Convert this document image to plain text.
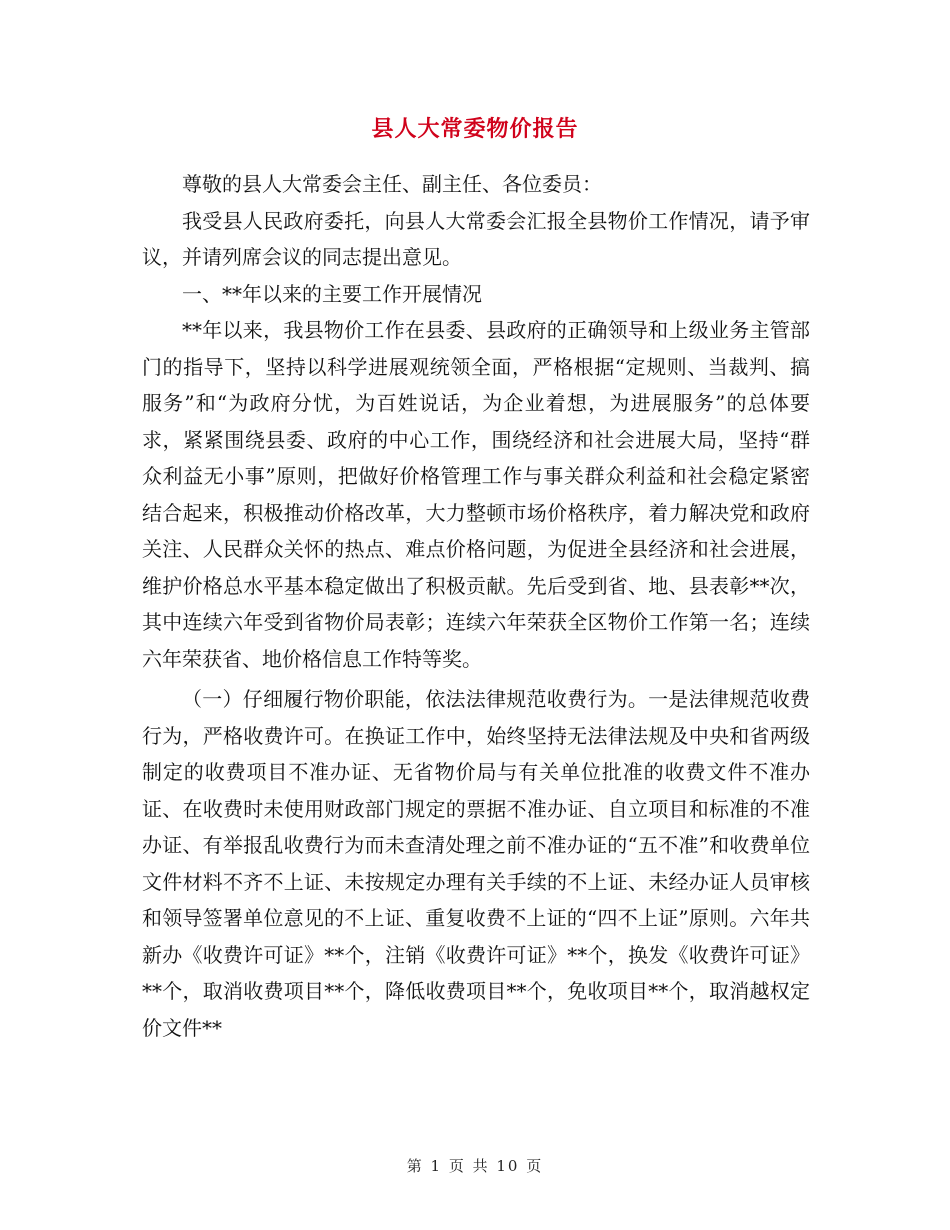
县人大常委物价报告

尊敬的县人大常委会主任、副主任、各位委员：

我受县人民政府委托，向县人大常委会汇报全县物价工作情况，请予审议，并请列席会议的同志提出意见。

一、**年以来的主要工作开展情况

**年以来，我县物价工作在县委、县政府的正确领导和上级业务主管部门的指导下，坚持以科学进展观统领全面，严格根据“定规则、当裁判、搞服务”和“为政府分忧，为百姓说话，为企业着想，为进展服务”的总体要求，紧紧围绕县委、政府的中心工作，围绕经济和社会进展大局，坚持“群众利益无小事”原则，把做好价格管理工作与事关群众利益和社会稳定紧密结合起来，积极推动价格改革，大力整顿市场价格秩序，着力解决党和政府关注、人民群众关怀的热点、难点价格问题，为促进全县经济和社会进展，维护价格总水平基本稳定做出了积极贡献。先后受到省、地、县表彰**次，其中连续六年受到省物价局表彰；连续六年荣获全区物价工作第一名；连续六年荣获省、地价格信息工作特等奖。

（一）仔细履行物价职能，依法法律规范收费行为。一是法律规范收费行为，严格收费许可。在换证工作中，始终坚持无法律法规及中央和省两级制定的收费项目不准办证、无省物价局与有关单位批准的收费文件不准办证、在收费时未使用财政部门规定的票据不准办证、自立项目和标准的不准办证、有举报乱收费行为而未查清处理之前不准办证的“五不准”和收费单位文件材料不齐不上证、未按规定办理有关手续的不上证、未经办证人员审核和领导签署单位意见的不上证、重复收费不上证的“四不上证”原则。六年共新办《收费许可证》**个，注销《收费许可证》**个，换发《收费许可证》**个，取消收费项目**个，降低收费项目**个，免收项目**个，取消越权定价文件**

第 1 页 共 10 页
